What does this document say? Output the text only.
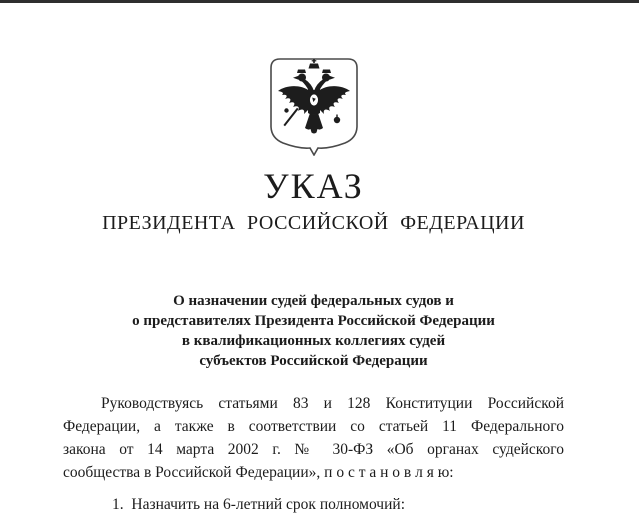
УКАЗ
ПРЕЗИДЕНТА РОССИЙСКОЙ ФЕДЕРАЦИИ
О назначении судей федеральных судов и
о представителях Президента Российской Федерации
в квалификационных коллегиях судей
субъектов Российской Федерации
Руководствуясь статьями 83 и 128 Конституции Российской
Федерации, а также в соответствии со статьей 11 Федерального
закона от 14 марта 2002 г. № 30-ФЗ «Об органах судейского
сообщества в Российской Федерации», п о с т а н о в л я ю:
1.  Назначить на 6-летний срок полномочий:
